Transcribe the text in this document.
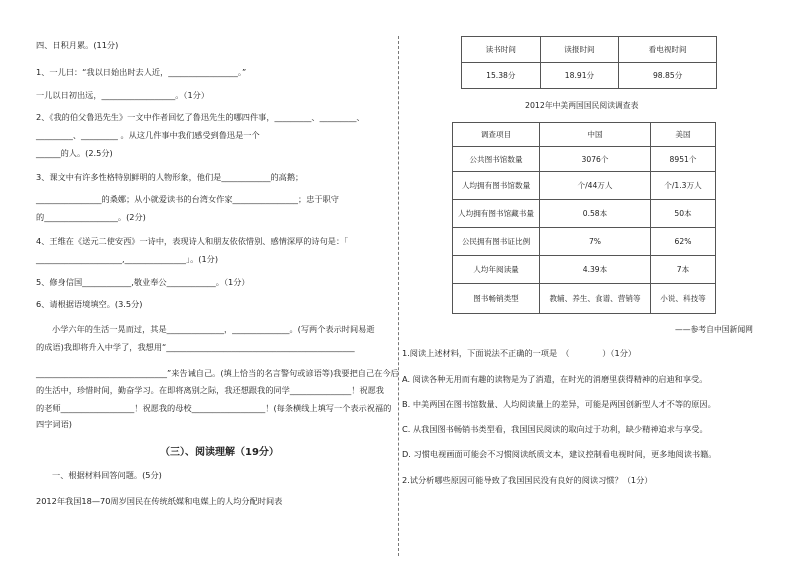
四、日积月累。(11分)
1、一儿曰：“我以日始出时去人近，_________________。”
一儿以日初出远，__________________。（1分）
2、《我的伯父鲁迅先生》一文中作者回忆了鲁迅先生的哪四件事，_________、_________、
_________、_________ 。从这几件事中我们感受到鲁迅是一个
______的人。(2.5分)
3、课文中有许多性格特别鲜明的人物形象，他们是____________的高鹅；
________________的桑娜；从小就爱读书的台湾女作家________________；忠于职守
的__________________。(2分)
4、王维在《送元二使安西》一诗中，表现诗人和朋友依依惜别、感情深厚的诗句是：「
_____________________,_______________」。(1分)
5、修身信国____________,敬业奉公____________。（1分）
6、请根据语境填空。(3.5分)
小学六年的生活一晃而过，其是______________，______________。(写两个表示时间易逝
的成语)我即将升入中学了，我想用“______________________________________________
________________________________”来告诫自己。(填上恰当的名言警句或谚语等)我要把自己在今后
的生活中，珍惜时间，勤奋学习。在即将离别之际，我还想跟我的同学_______________！祝愿我
的老师__________________！祝愿我的母校__________________！(每条横线上填写一个表示祝福的
四字词语)
（三）、阅读理解（19分）
一、根据材料回答问题。(5分)
2012年我国18—70周岁国民在传统纸媒和电媒上的人均分配时间表
读书时间	读报时间	看电视时间
15.38分	18.91分	98.85分
2012年中美两国国民阅读调查表
调查项目	中国	美国
公共图书馆数量	3076个	8951个
人均拥有图书馆数量	个/44万人	个/1.3万人
人均拥有图书馆藏书量	0.58本	50本
公民拥有图书证比例	7%	62%
人均年阅读量	4.39本	7本
图书畅销类型	教辅、养生、食谱、营销等	小说、科技等
——参考自中国新闻网
1.阅读上述材料，下面说法不正确的一项是　（　　　　）（1分）
A. 阅读各种无用而有趣的读物是为了消遣，在时光的消磨里获得精神的启迪和享受。
B. 中美两国在图书馆数量、人均阅读量上的差异，可能是两国创新型人才不等的原因。
C. 从我国图书畅销书类型看，我国国民阅读的取向过于功利，缺少精神追求与享受。
D. 习惯电视画面可能会不习惯阅读纸质文本，建议控制看电视时间，更多地阅读书籍。
2.试分析哪些原因可能导致了我国国民没有良好的阅读习惯？（1分）
